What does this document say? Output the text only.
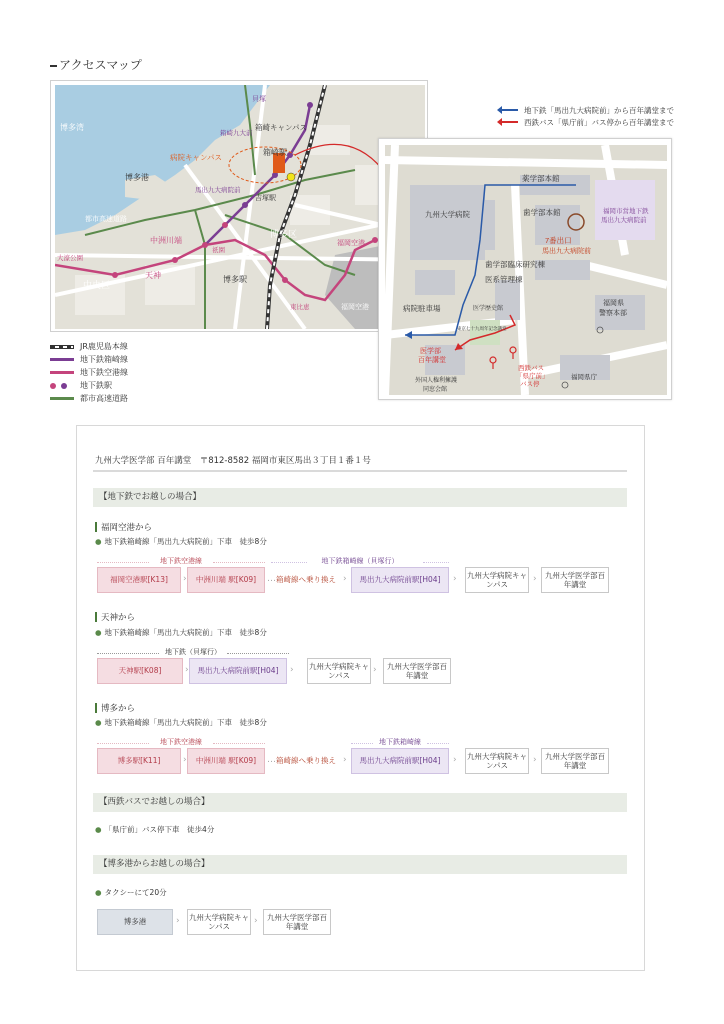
アクセスマップ
博多湾
博多港
都市高速道路
病院キャンパス
箱崎キャンパス
箱崎九大前
馬出九大病院前
箱崎駅
吉塚駅
貝塚
中洲川端
天神
祇園
博多駅
博多区
中央区
大濠公園
福岡空港
福岡空港
東比恵
地下鉄「馬出九大病院前」から百年講堂まで
西鉄バス「県庁前」バス停から百年講堂まで
薬学部本館
九州大学病院	歯学部本館
7番出口
馬出九大病院前
福岡市営地下鉄
馬出九大病院前
歯学部臨床研究棟
医系管理棟
病院駐車場	医学歴史館
東京七十九周年記念講堂
福岡県
警察本部
医学部
百年講堂
西鉄バス
「県庁前」
バス停
外国人権利擁護
同窓会館
福岡県庁
JR鹿児島本線
地下鉄箱崎線
地下鉄空港線
地下鉄駅
都市高速道路
九州大学医学部 百年講堂　〒812-8582 福岡市東区馬出３丁目１番１号
【地下鉄でお越しの場合】
福岡空港から
● 地下鉄箱崎線「馬出九大病院前」下車　徒歩8分
地下鉄空港線	地下鉄箱崎線（貝塚行）
福岡空港駅[K13]	›	中洲川端 駅[K09]	… 箱崎線へ乗り換え ›	馬出九大病院前駅[H04]	› 九州大学病院キャンパス
›	九州大学医学部百年講堂
天神から
● 地下鉄箱崎線「馬出九大病院前」下車　徒歩8分
地下鉄（貝塚行）
天神駅[K08]	›	馬出九大病院前駅[H04]	› 九州大学病院キャンパス
›	九州大学医学部百年講堂
博多から
● 地下鉄箱崎線「馬出九大病院前」下車　徒歩8分
地下鉄空港線	地下鉄箱崎線
博多駅[K11]	›	中洲川端 駅[K09]	… 箱崎線へ乗り換え ›	馬出九大病院前駅[H04]	› 九州大学病院キャンパス
›	九州大学医学部百年講堂
【西鉄バスでお越しの場合】
● 「県庁前」バス停下車　徒歩4分
【博多港からお越しの場合】
● タクシーにて20分
博多港	› 九州大学病院キャンパス
›	九州大学医学部百年講堂
